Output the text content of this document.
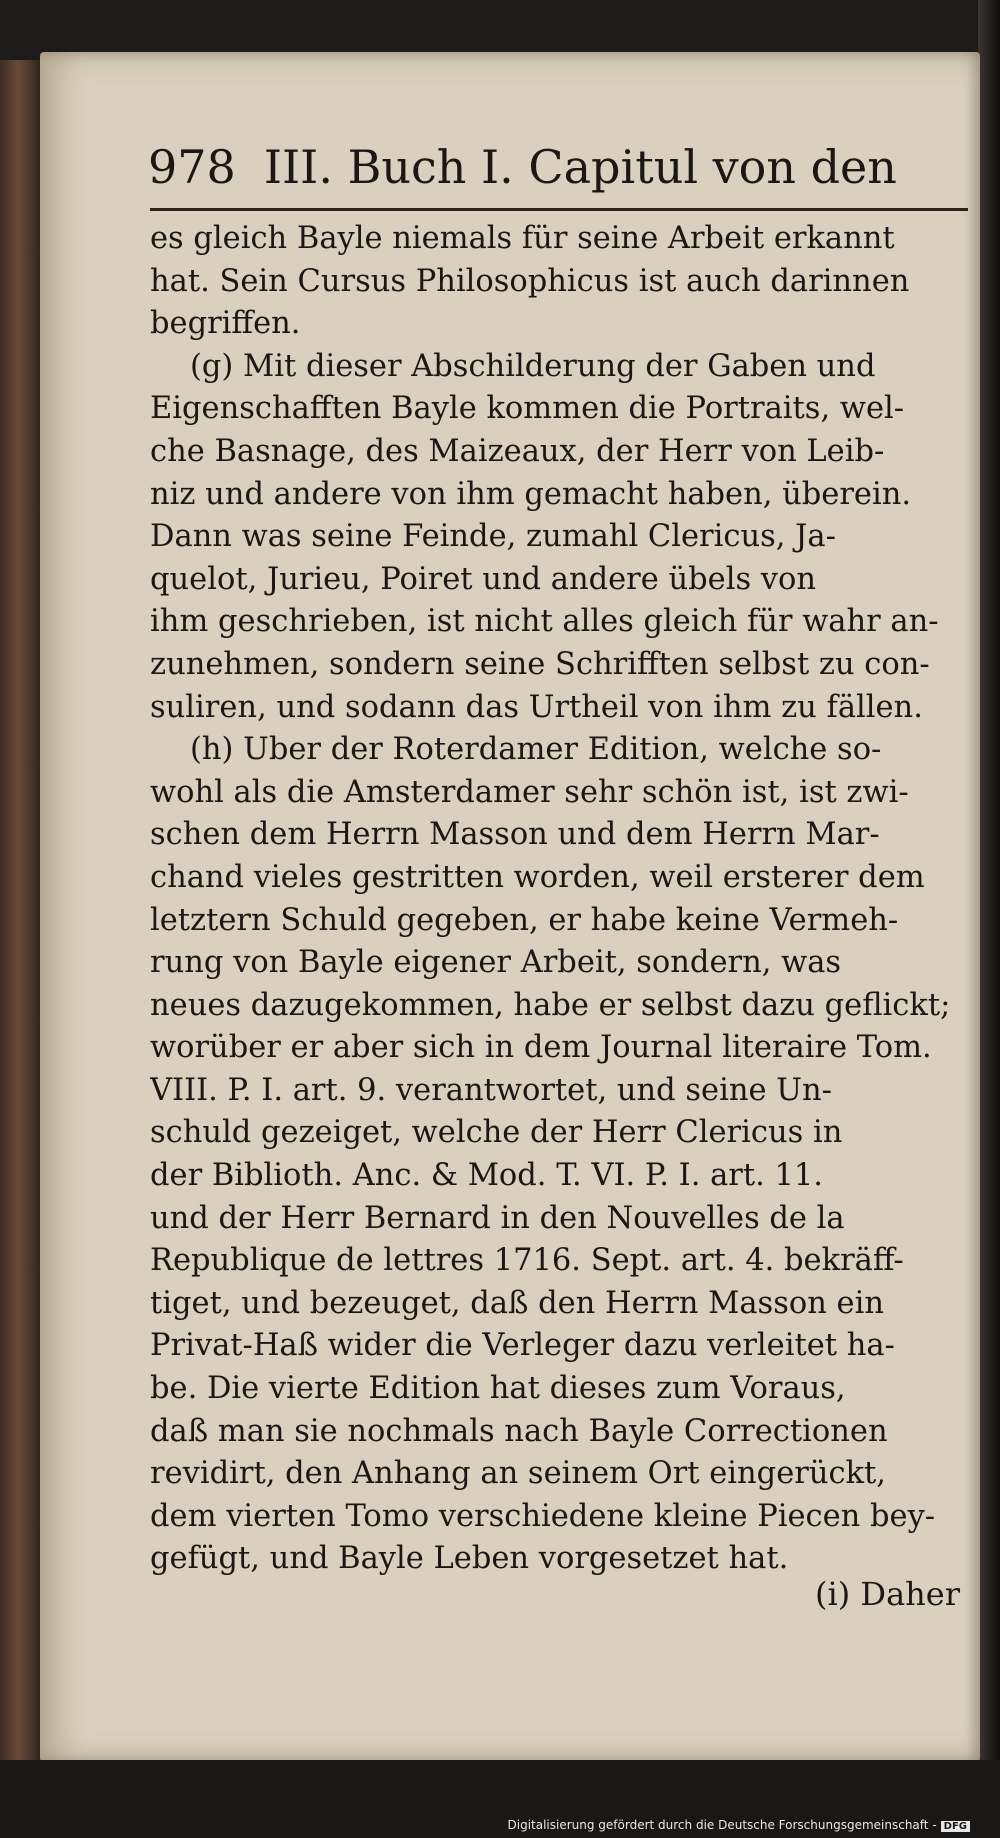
978 III. Buch I. Capitul von den
es gleich Bayle niemals für seine Arbeit erkannt
hat. Sein Cursus Philosophicus ist auch darinnen
begriffen.
(g) Mit dieser Abschilderung der Gaben und
Eigenschafften Bayle kommen die Portraits, wel-
che Basnage, des Maizeaux, der Herr von Leib-
niz und andere von ihm gemacht haben, überein.
Dann was seine Feinde, zumahl Clericus, Ja-
quelot, Jurieu, Poiret und andere übels von
ihm geschrieben, ist nicht alles gleich für wahr an-
zunehmen, sondern seine Schrifften selbst zu con-
suliren, und sodann das Urtheil von ihm zu fällen.
(h) Uber der Roterdamer Edition, welche so-
wohl als die Amsterdamer sehr schön ist, ist zwi-
schen dem Herrn Masson und dem Herrn Mar-
chand vieles gestritten worden, weil ersterer dem
letztern Schuld gegeben, er habe keine Vermeh-
rung von Bayle eigener Arbeit, sondern, was
neues dazugekommen, habe er selbst dazu geflickt;
worüber er aber sich in dem Journal literaire Tom.
VIII. P. I. art. 9. verantwortet, und seine Un-
schuld gezeiget, welche der Herr Clericus in
der Biblioth. Anc. & Mod. T. VI. P. I. art. 11.
und der Herr Bernard in den Nouvelles de la
Republique de lettres 1716. Sept. art. 4. bekräff-
tiget, und bezeuget, daß den Herrn Masson ein
Privat-Haß wider die Verleger dazu verleitet ha-
be. Die vierte Edition hat dieses zum Voraus,
daß man sie nochmals nach Bayle Correctionen
revidirt, den Anhang an seinem Ort eingerückt,
dem vierten Tomo verschiedene kleine Piecen bey-
gefügt, und Bayle Leben vorgesetzet hat.
(i) Daher
Digitalisierung gefördert durch die Deutsche Forschungsgemeinschaft - DFG
